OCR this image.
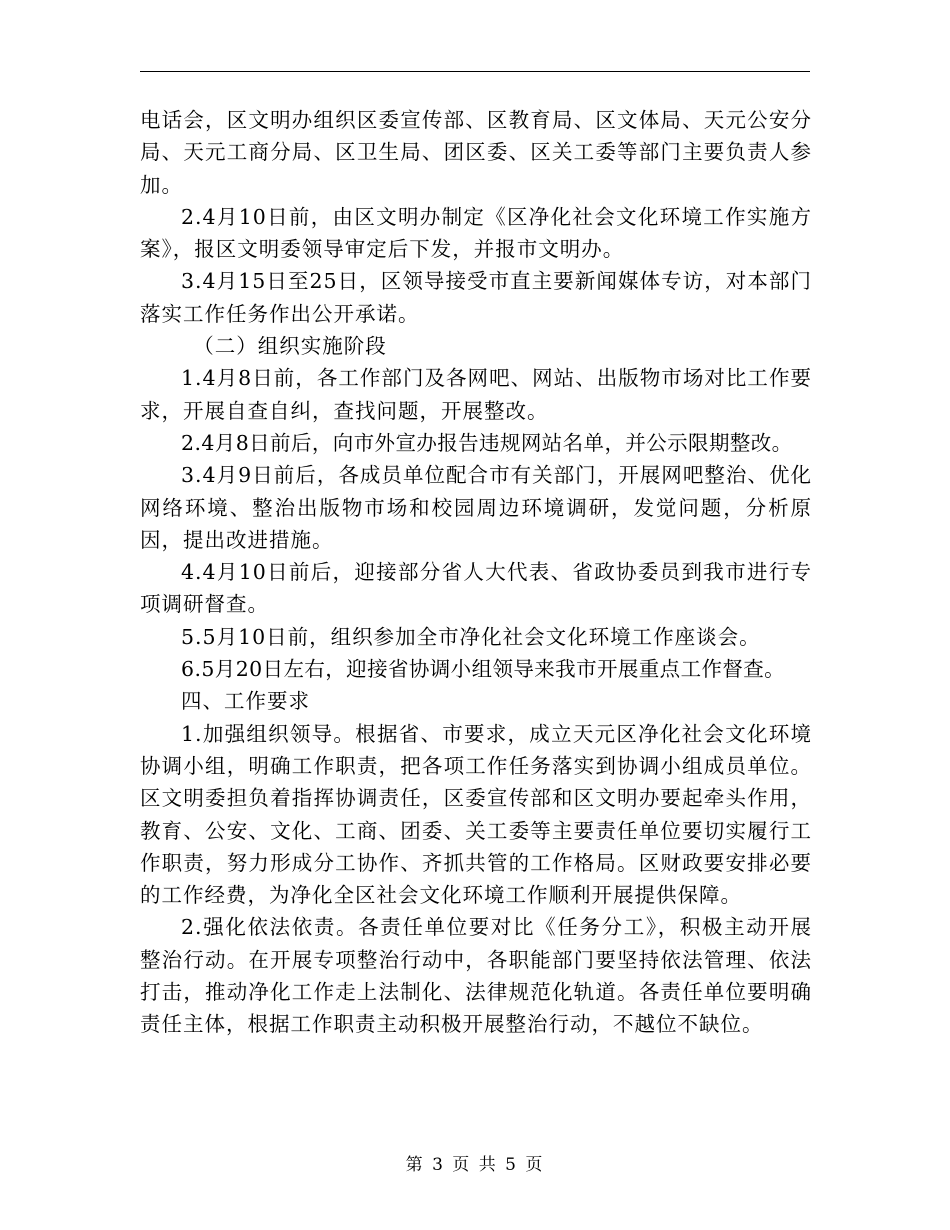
电话会，区文明办组织区委宣传部、区教育局、区文体局、天元公安分局、天元工商分局、区卫生局、团区委、区关工委等部门主要负责人参加。

2.4月10日前，由区文明办制定《区净化社会文化环境工作实施方案》，报区文明委领导审定后下发，并报市文明办。

3.4月15日至25日，区领导接受市直主要新闻媒体专访，对本部门落实工作任务作出公开承诺。

（二）组织实施阶段

1.4月8日前，各工作部门及各网吧、网站、出版物市场对比工作要求，开展自查自纠，查找问题，开展整改。

2.4月8日前后，向市外宣办报告违规网站名单，并公示限期整改。

3.4月9日前后，各成员单位配合市有关部门，开展网吧整治、优化网络环境、整治出版物市场和校园周边环境调研，发觉问题，分析原因，提出改进措施。

4.4月10日前后，迎接部分省人大代表、省政协委员到我市进行专项调研督查。

5.5月10日前，组织参加全市净化社会文化环境工作座谈会。

6.5月20日左右，迎接省协调小组领导来我市开展重点工作督查。

四、工作要求

1.加强组织领导。根据省、市要求，成立天元区净化社会文化环境协调小组，明确工作职责，把各项工作任务落实到协调小组成员单位。区文明委担负着指挥协调责任，区委宣传部和区文明办要起牵头作用，教育、公安、文化、工商、团委、关工委等主要责任单位要切实履行工作职责，努力形成分工协作、齐抓共管的工作格局。区财政要安排必要的工作经费，为净化全区社会文化环境工作顺利开展提供保障。

2.强化依法依责。各责任单位要对比《任务分工》，积极主动开展整治行动。在开展专项整治行动中，各职能部门要坚持依法管理、依法打击，推动净化工作走上法制化、法律规范化轨道。各责任单位要明确责任主体，根据工作职责主动积极开展整治行动，不越位不缺位。

第 3 页 共 5 页
